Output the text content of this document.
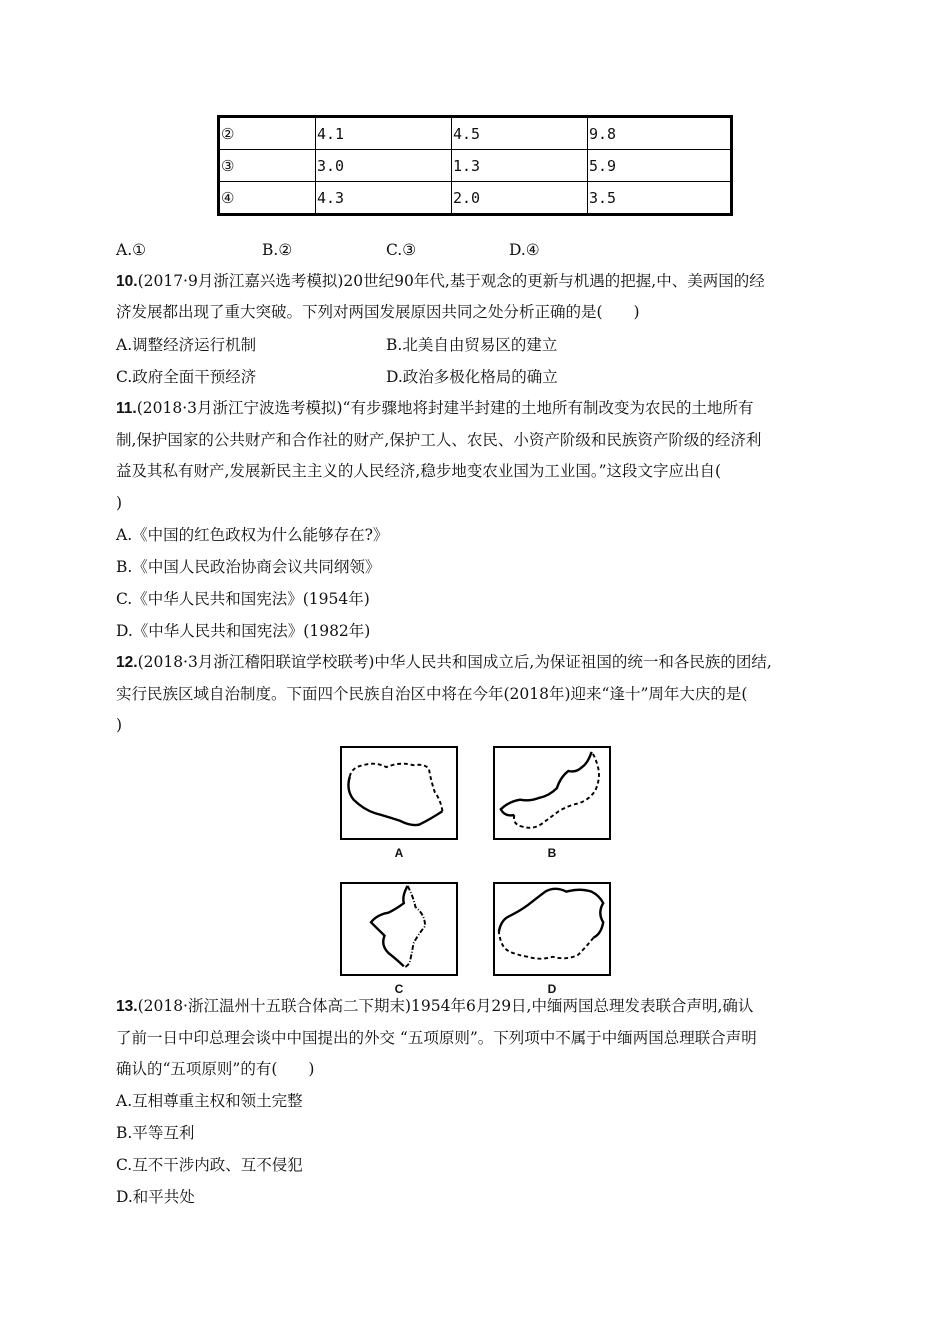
②	4.1	4.5	9.8
③	3.0	1.3	5.9
④	4.3	2.0	3.5
A.①	B.②	C.③	D.④
10.(2017·9月浙江嘉兴选考模拟)20世纪90年代,基于观念的更新与机遇的把握,中、美两国的经
济发展都出现了重大突破。下列对两国发展原因共同之处分析正确的是(　　)
A.调整经济运行机制	B.北美自由贸易区的建立
C.政府全面干预经济	D.政治多极化格局的确立
11.(2018·3月浙江宁波选考模拟)“有步骤地将封建半封建的土地所有制改变为农民的土地所有
制,保护国家的公共财产和合作社的财产,保护工人、农民、小资产阶级和民族资产阶级的经济利
益及其私有财产,发展新民主主义的人民经济,稳步地变农业国为工业国。”这段文字应出自(
)
A.《中国的红色政权为什么能够存在?》
B.《中国人民政治协商会议共同纲领》
C.《中华人民共和国宪法》(1954年)
D.《中华人民共和国宪法》(1982年)
12.(2018·3月浙江稽阳联谊学校联考)中华人民共和国成立后,为保证祖国的统一和各民族的团结,
实行民族区域自治制度。下面四个民族自治区中将在今年(2018年)迎来“逢十”周年大庆的是(
)
A	B
C	D
13.(2018·浙江温州十五联合体高二下期末)1954年6月29日,中缅两国总理发表联合声明,确认
了前一日中印总理会谈中中国提出的外交 “五项原则”。下列项中不属于中缅两国总理联合声明
确认的“五项原则”的有(　　)
A.互相尊重主权和领土完整
B.平等互利
C.互不干涉内政、互不侵犯
D.和平共处
